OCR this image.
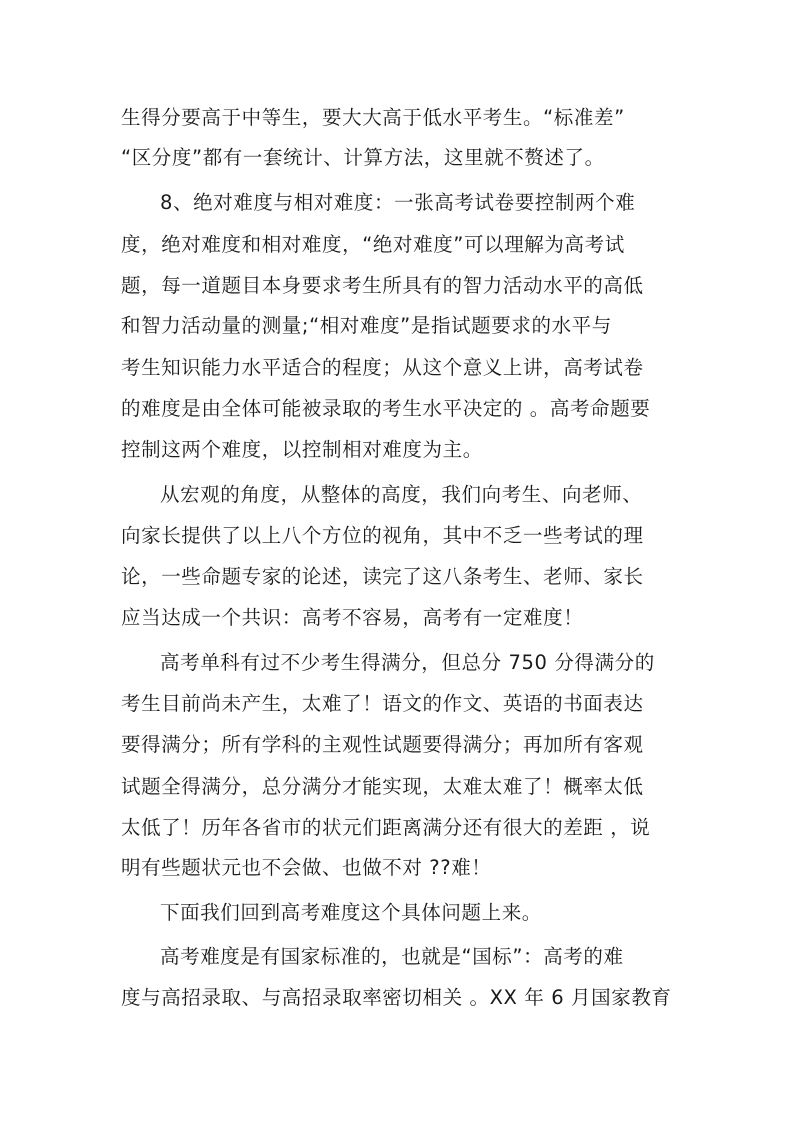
生得分要高于中等生，要大大高于低水平考生。“标准差”
“区分度”都有一套统计、计算方法，这里就不赘述了。
8、绝对难度与相对难度：一张高考试卷要控制两个难
度，绝对难度和相对难度，“绝对难度”可以理解为高考试
题，每一道题目本身要求考生所具有的智力活动水平的高低
和智力活动量的测量;“相对难度”是指试题要求的水平与
考生知识能力水平适合的程度；从这个意义上讲，高考试卷
的难度是由全体可能被录取的考生水平决定的 。高考命题要
控制这两个难度，以控制相对难度为主。
从宏观的角度，从整体的高度，我们向考生、向老师、
向家长提供了以上八个方位的视角，其中不乏一些考试的理
论，一些命题专家的论述，读完了这八条考生、老师、家长
应当达成一个共识：高考不容易，高考有一定难度！
高考单科有过不少考生得满分，但总分 750 分得满分的
考生目前尚未产生，太难了！语文的作文、英语的书面表达
要得满分；所有学科的主观性试题要得满分；再加所有客观
试题全得满分，总分满分才能实现，太难太难了！概率太低
太低了！历年各省市的状元们距离满分还有很大的差距 ，说
明有些题状元也不会做、也做不对 ??难！
下面我们回到高考难度这个具体问题上来。
高考难度是有国家标准的，也就是“国标”：高考的难
度与高招录取、与高招录取率密切相关 。XX 年 6 月国家教育
